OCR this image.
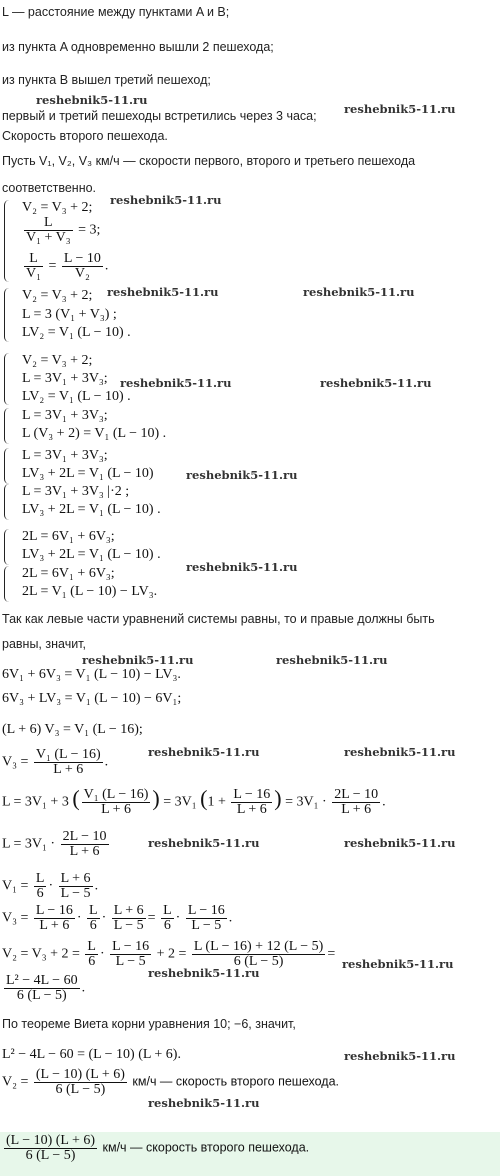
L — расстояние между пунктами A и B;
из пункта A одновременно вышли 2 пешехода;
из пункта B вышел третий пешеход;
первый и третий пешеходы встретились через 3 часа;
Скорость второго пешехода.
Пусть V₁, V₂, V₃ км/ч — скорости первого, второго и третьего пешехода
соответственно.
V₂ = V₃ + 2;
$\frac{L}{\text{V₁ + V₃}} = 3$;
$\frac{L}{\text{V₁}} = \frac{L - 10}{\text{V₂}}$ .
V₂ = V₃ + 2;
L = 3 (V₁ + V₃) ;
LV₂ = V₁ (L − 10) .
V₂ = V₃ + 2;
L = 3V₁ + 3V₃;
LV₂ = V₁ (L − 10) .
L = 3V₁ + 3V₃;
L (V₃ + 2) = V₁ (L − 10) .
L = 3V₁ + 3V₃;
LV₃ + 2L = V₁ (L − 10)
L = 3V₁ + 3V₃ |·2 ;
LV₃ + 2L = V₁ (L − 10) .
2L = 6V₁ + 6V₃;
LV₃ + 2L = V₁ (L − 10) .
2L = 6V₁ + 6V₃;
2L = V₁ (L − 10) − LV₃.
Так как левые части уравнений системы равны, то и правые должны быть
равны, значит,
6V₁ + 6V₃ = V₁ (L − 10) − LV₃.
6V₃ + LV₃ = V₁ (L − 10) − 6V₁;
(L + 6) V₃ = V₁ (L − 16);
$V_3 = \frac{\text{V₁ (L − 16)}}{L + 6}$ .
L = 3V₁ + 3 ( $\frac{\text{V₁ (L − 16)}}{L + 6}$ ) = 3V₁ ($1 + \frac{L - 16}{L + 6}$ ) = $3V_1 \cdot \frac{2L - 10}{L + 6}$ .
$L = 3V_1 \cdot \frac{2L - 10}{L + 6}$
$V_1 = \frac{L}{6} \cdot \frac{L + 6}{L - 5}$ .
$V_3 = \frac{L - 16}{L + 6} \cdot \frac{L}{6} \cdot \frac{L + 6}{L - 5} = \frac{L}{6} \cdot \frac{L - 16}{L - 5}$ .
$V_2 = V_3 + 2 = \frac{L}{6} \cdot \frac{L - 16}{L - 5} + 2 = \frac{L (L - 16) + 12 (L - 5)}{6 (L - 5)}$ =
$\frac{\text{L² − 4L − 60}}{6 (L - 5)}$ .
По теореме Виета корни уравнения 10; −6, значит,
L² − 4L − 60 = (L − 10) (L + 6).
$V_2 = \frac{(L - 10) (L + 6)}{6 (L - 5)} км/ч$ — скорость второго пешехода.
$\frac{(L - 10) (L + 6)}{6 (L - 5)} км/ч$ — скорость второго пешехода.
reshebnik5-11.ru
reshebnik5-11.ru
reshebnik5-11.ru
reshebnik5-11.ru	reshebnik5-11.ru
reshebnik5-11.ru	reshebnik5-11.ru
reshebnik5-11.ru
reshebnik5-11.ru
reshebnik5-11.ru	reshebnik5-11.ru
reshebnik5-11.ru	reshebnik5-11.ru
reshebnik5-11.ru	reshebnik5-11.ru
reshebnik5-11.ru
reshebnik5-11.ru
reshebnik5-11.ru
reshebnik5-11.ru
